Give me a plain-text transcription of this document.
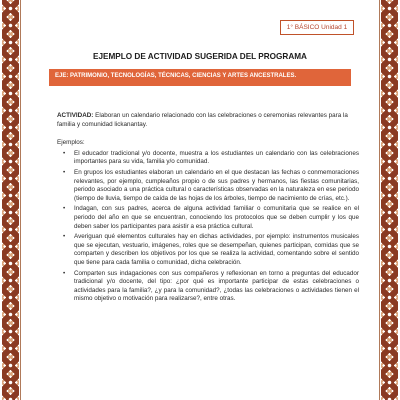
1° BÁSICO Unidad 1
EJEMPLO DE ACTIVIDAD SUGERIDA DEL PROGRAMA
EJE: PATRIMONIO, TECNOLOGÍAS, TÉCNICAS, CIENCIAS Y ARTES ANCESTRALES.

ACTIVIDAD: Elaboran un calendario relacionado con las celebraciones o ceremonias relevantes para la familia y comunidad lickanantay.

Ejemplos:

• El educador tradicional y/o docente, muestra a los estudiantes un calendario con las celebraciones importantes para su vida, familia y/o comunidad.
• En grupos los estudiantes elaboran un calendario en el que destacan las fechas o conmemoraciones relevantes, por ejemplo, cumpleaños propio o de sus padres y hermanos, las fiestas comunitarias, periodo asociado a una práctica cultural o características observadas en la naturaleza en ese periodo (tiempo de lluvia, tiempo de caída de las hojas de los árboles, tiempo de nacimiento de crías, etc.).
• Indagan, con sus padres, acerca de alguna actividad familiar o comunitaria que se realice en el periodo del año en que se encuentran, conociendo los protocolos que se deben cumplir y los que deben saber los participantes para asistir a esa práctica cultural.
• Averiguan qué elementos culturales hay en dichas actividades, por ejemplo: instrumentos musicales que se ejecutan, vestuario, imágenes, roles que se desempeñan, quienes participan, comidas que se comparten y describen los objetivos por los que se realiza la actividad, comentando sobre el sentido que tiene para cada familia o comunidad, dicha celebración.
• Comparten sus indagaciones con sus compañeros y reflexionan en torno a preguntas del educador tradicional y/o docente, del tipo: ¿por qué es importante participar de estas celebraciones o actividades para la familia?, ¿y para la comunidad?, ¿todas las celebraciones o actividades tienen el mismo objetivo o motivación para realizarse?, entre otras.
